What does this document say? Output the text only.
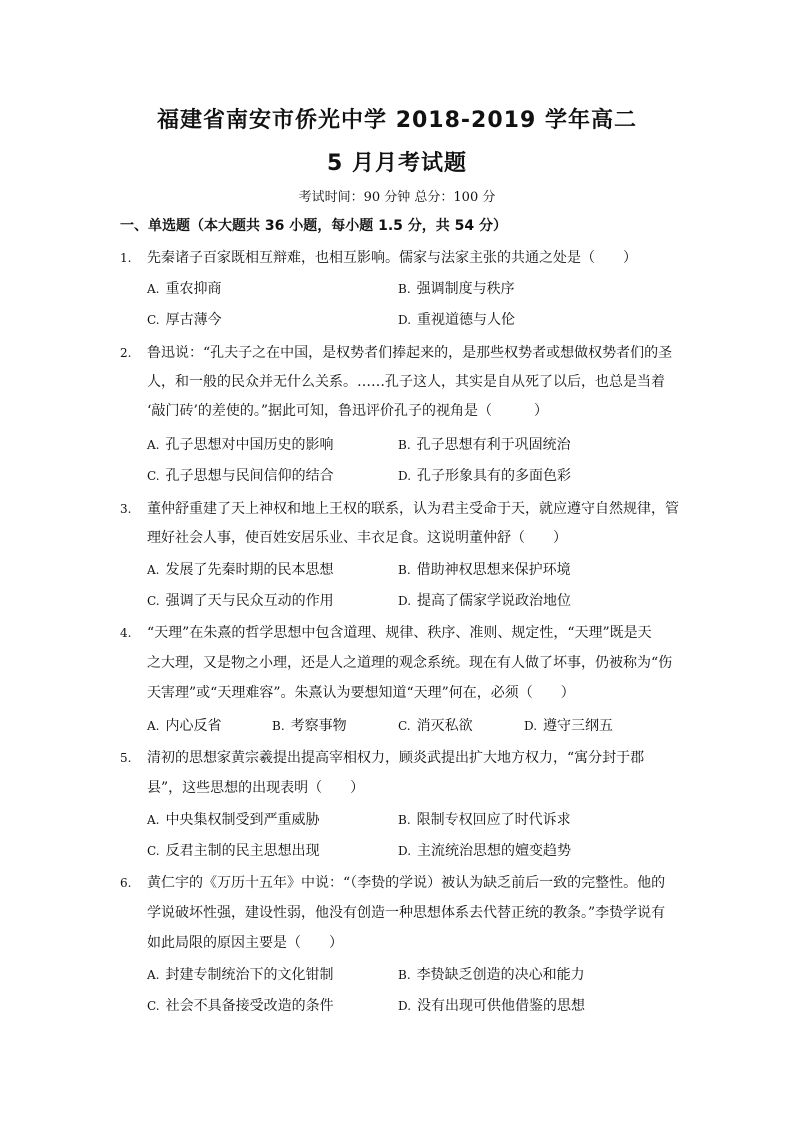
福建省南安市侨光中学 2018-2019 学年高二
5 月月考试题
考试时间：90 分钟 总分：100 分
一、单选题（本大题共 36 小题，每小题 1.5 分，共 54 分）
1.	先秦诸子百家既相互辩难，也相互影响。儒家与法家主张的共通之处是（　　）
A. 重农抑商	B. 强调制度与秩序
C. 厚古薄今	D. 重视道德与人伦
2.	鲁迅说：“孔夫子之在中国，是权势者们捧起来的，是那些权势者或想做权势者们的圣
人，和一般的民众并无什么关系。……孔子这人，其实是自从死了以后，也总是当着
‘敲门砖’的差使的。”据此可知，鲁迅评价孔子的视角是（　　　）
A. 孔子思想对中国历史的影响	B. 孔子思想有利于巩固统治
C. 孔子思想与民间信仰的结合	D. 孔子形象具有的多面色彩
3.	董仲舒重建了天上神权和地上王权的联系，认为君主受命于天，就应遵守自然规律，管
理好社会人事，使百姓安居乐业、丰衣足食。这说明董仲舒（　　）
A. 发展了先秦时期的民本思想	B. 借助神权思想来保护环境
C. 强调了天与民众互动的作用	D. 提高了儒家学说政治地位
4.	“天理”在朱熹的哲学思想中包含道理、规律、秩序、准则、规定性，“天理”既是天
之大理，又是物之小理，还是人之道理的观念系统。现在有人做了坏事，仍被称为“伤
天害理”或“天理难容”。朱熹认为要想知道“天理”何在，必须（　　）
A. 内心反省	B. 考察事物	C. 消灭私欲	D. 遵守三纲五
5.	清初的思想家黄宗羲提出提高宰相权力，顾炎武提出扩大地方权力，“寓分封于郡
县”，这些思想的出现表明（　　）
A. 中央集权制受到严重威胁	B. 限制专权回应了时代诉求
C. 反君主制的民主思想出现	D. 主流统治思想的嬗变趋势
6.	黄仁宇的《万历十五年》中说：“（李贽的学说）被认为缺乏前后一致的完整性。他的
学说破坏性强，建设性弱，他没有创造一种思想体系去代替正统的教条。”李贽学说有
如此局限的原因主要是（　　）
A. 封建专制统治下的文化钳制	B. 李贽缺乏创造的决心和能力
C. 社会不具备接受改造的条件	D. 没有出现可供他借鉴的思想
